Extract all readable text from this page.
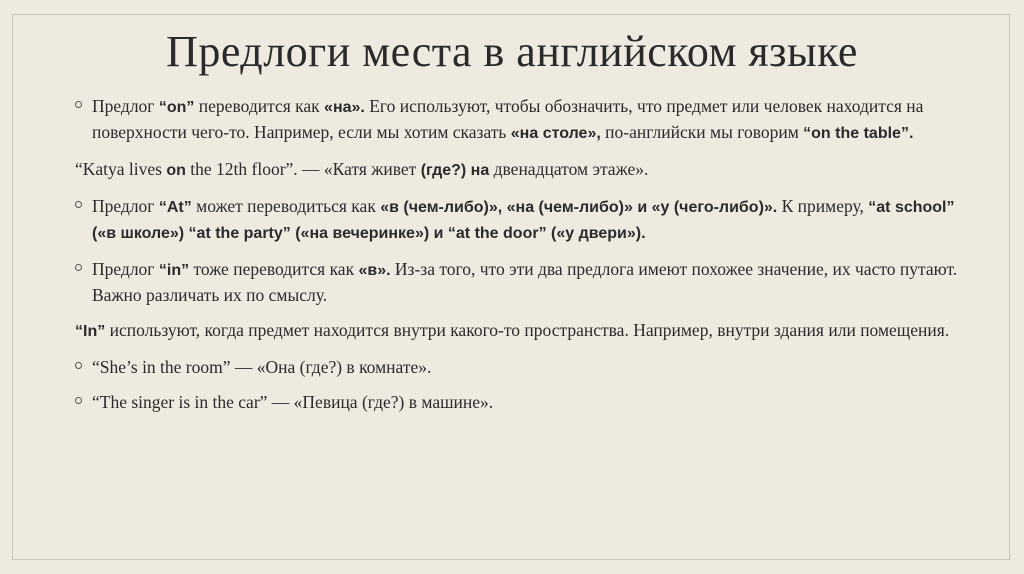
Предлоги места в английском языке
Предлог “on” переводится как «на». Его используют, чтобы обозначить, что предмет или человек находится на поверхности чего-то. Например, если мы хотим сказать «на столе», по-английски мы говорим “on the table”.
“Katya lives on the 12th floor”. — «Катя живет (где?) на двенадцатом этаже».
Предлог “At” может переводиться как «в (чем-либо)», «на (чем-либо)» и «у (чего-либо)». К примеру, “at school” («в школе») “at the party” («на вечеринке») и “at the door” («у двери»).
Предлог “in” тоже переводится как «в». Из-за того, что эти два предлога имеют похожее значение, их часто путают. Важно различать их по смыслу.
“In” используют, когда предмет находится внутри какого-то пространства. Например, внутри здания или помещения.
“She’s in the room” — «Она (где?) в комнате».
“The singer is in the car” — «Певица (где?) в машине».
